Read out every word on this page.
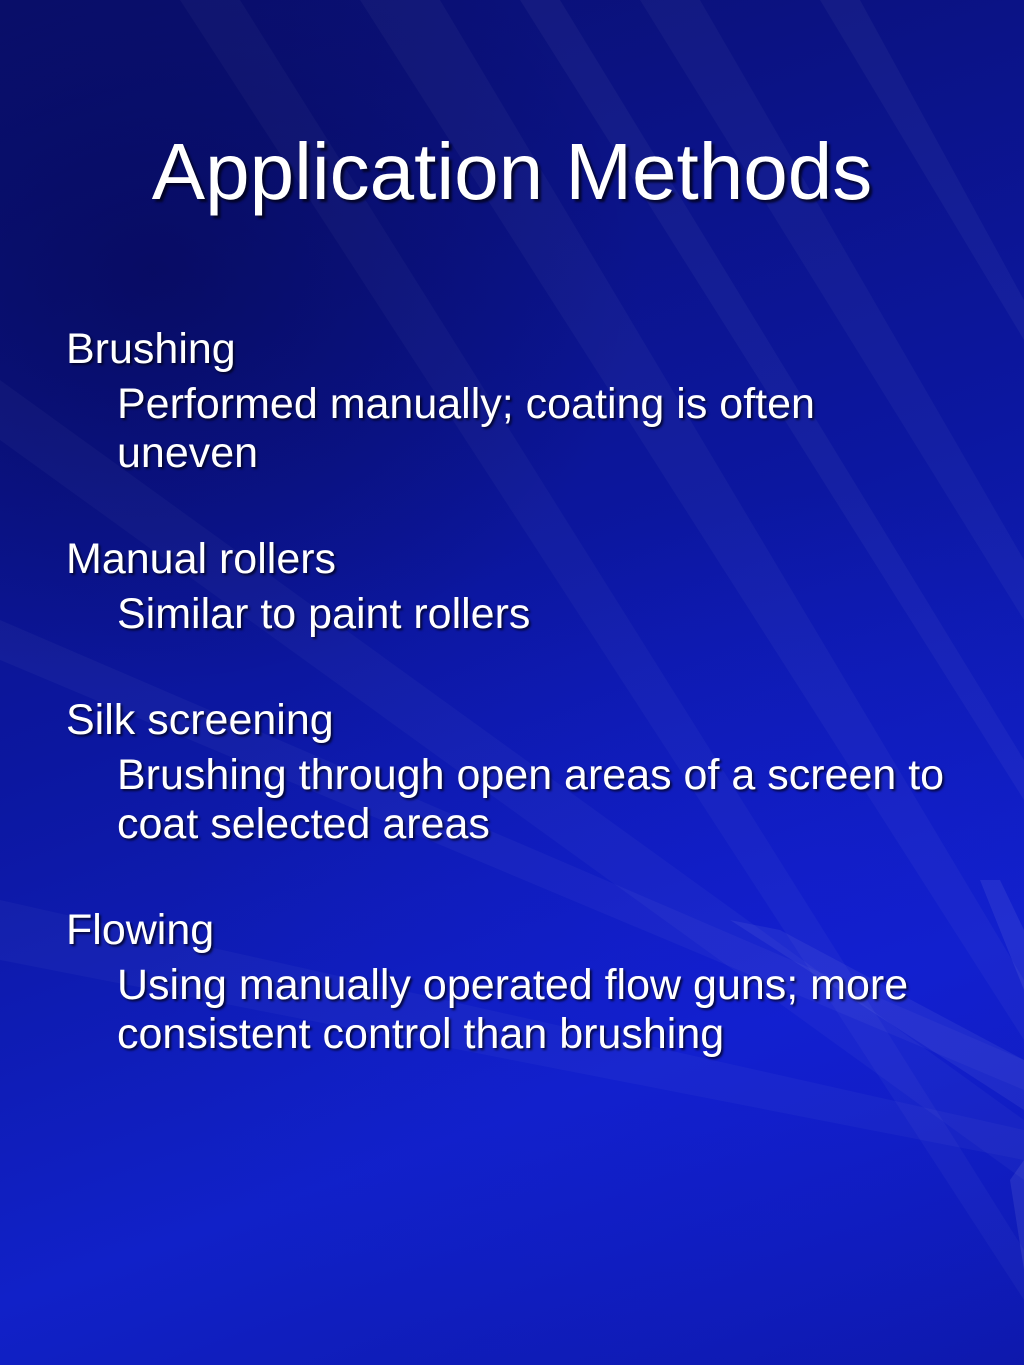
Application Methods
Brushing
Performed manually; coating is often uneven
Manual rollers
Similar to paint rollers
Silk screening
Brushing through open areas of a screen to coat selected areas
Flowing
Using manually operated flow guns; more consistent control than brushing
